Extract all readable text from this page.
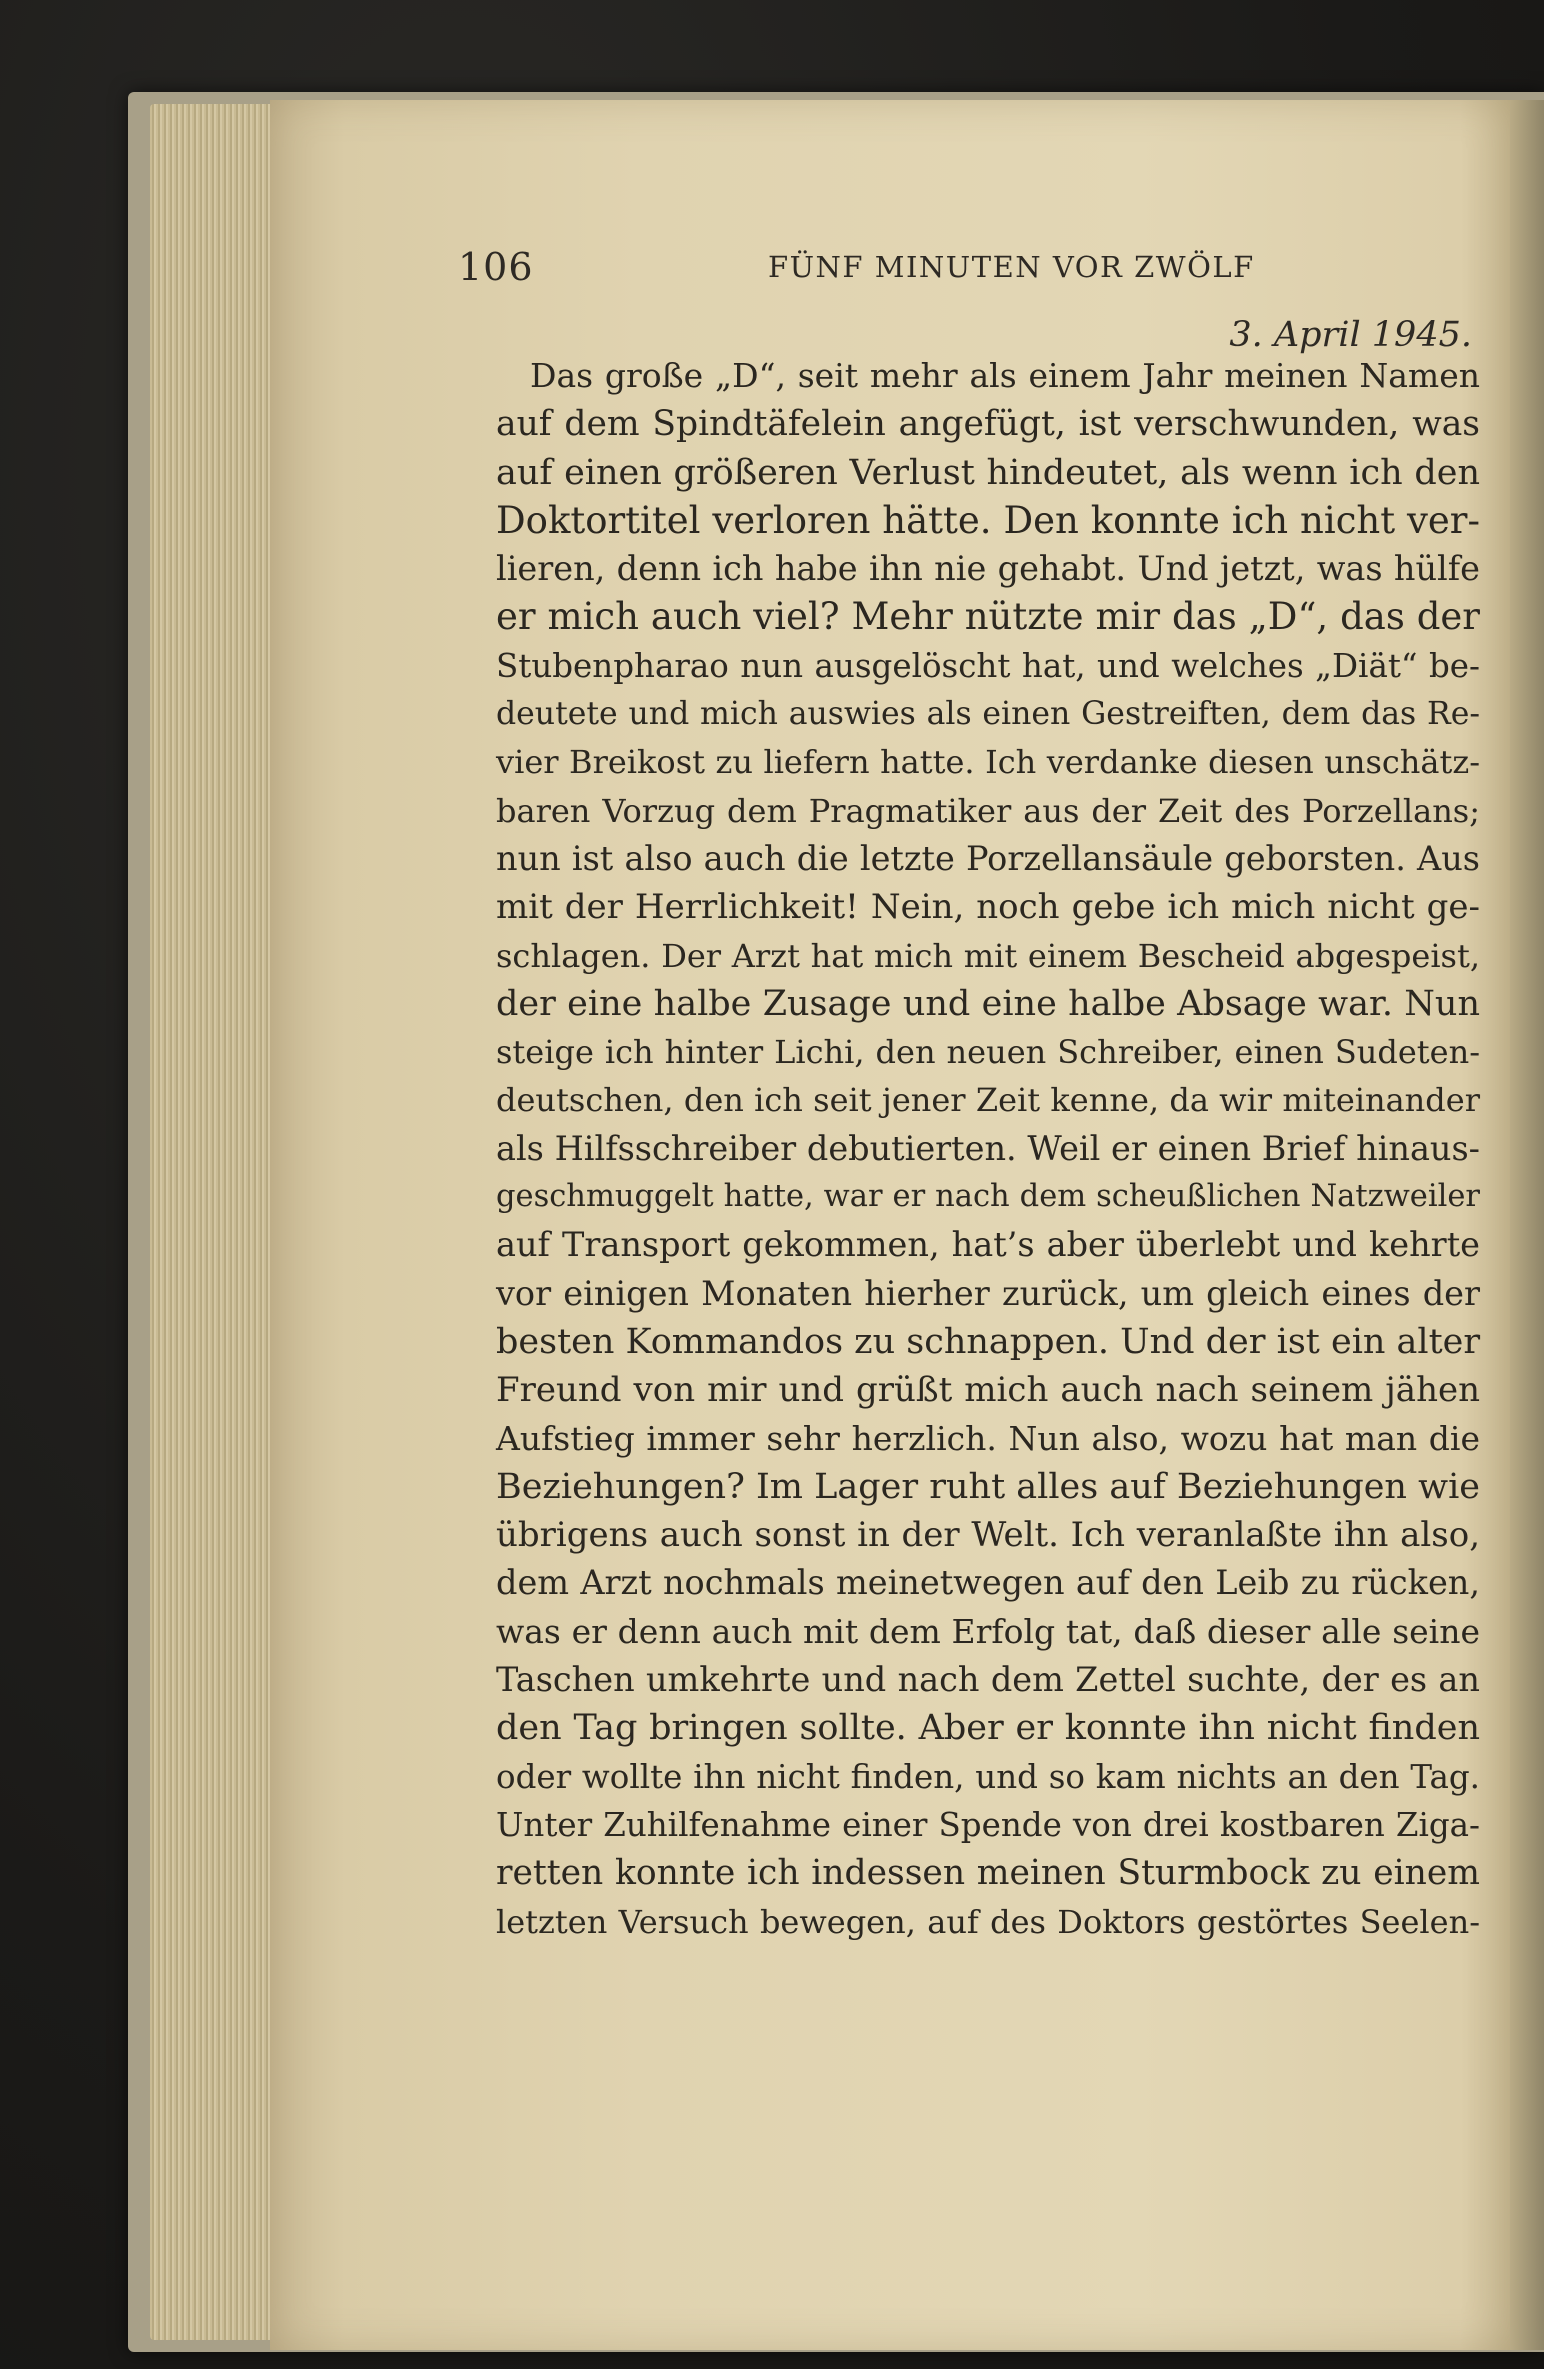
106	FÜNF MINUTEN VOR ZWÖLF
3. April 1945.
Das große „D“, seit mehr als einem Jahr meinen Namen
auf dem Spindtäfelein angefügt, ist verschwunden, was
auf einen größeren Verlust hindeutet, als wenn ich den
Doktortitel verloren hätte. Den konnte ich nicht ver-
lieren, denn ich habe ihn nie gehabt. Und jetzt, was hülfe
er mich auch viel? Mehr nützte mir das „D“, das der
Stubenpharao nun ausgelöscht hat, und welches „Diät“ be-
deutete und mich auswies als einen Gestreiften, dem das Re-
vier Breikost zu liefern hatte. Ich verdanke diesen unschätz-
baren Vorzug dem Pragmatiker aus der Zeit des Porzellans;
nun ist also auch die letzte Porzellansäule geborsten. Aus
mit der Herrlichkeit! Nein, noch gebe ich mich nicht ge-
schlagen. Der Arzt hat mich mit einem Bescheid abgespeist,
der eine halbe Zusage und eine halbe Absage war. Nun
steige ich hinter Lichi, den neuen Schreiber, einen Sudeten-
deutschen, den ich seit jener Zeit kenne, da wir miteinander
als Hilfsschreiber debutierten. Weil er einen Brief hinaus-
geschmuggelt hatte, war er nach dem scheußlichen Natzweiler
auf Transport gekommen, hat’s aber überlebt und kehrte
vor einigen Monaten hierher zurück, um gleich eines der
besten Kommandos zu schnappen. Und der ist ein alter
Freund von mir und grüßt mich auch nach seinem jähen
Aufstieg immer sehr herzlich. Nun also, wozu hat man die
Beziehungen? Im Lager ruht alles auf Beziehungen wie
übrigens auch sonst in der Welt. Ich veranlaßte ihn also,
dem Arzt nochmals meinetwegen auf den Leib zu rücken,
was er denn auch mit dem Erfolg tat, daß dieser alle seine
Taschen umkehrte und nach dem Zettel suchte, der es an
den Tag bringen sollte. Aber er konnte ihn nicht finden
oder wollte ihn nicht finden, und so kam nichts an den Tag.
Unter Zuhilfenahme einer Spende von drei kostbaren Ziga-
retten konnte ich indessen meinen Sturmbock zu einem
letzten Versuch bewegen, auf des Doktors gestörtes Seelen-
